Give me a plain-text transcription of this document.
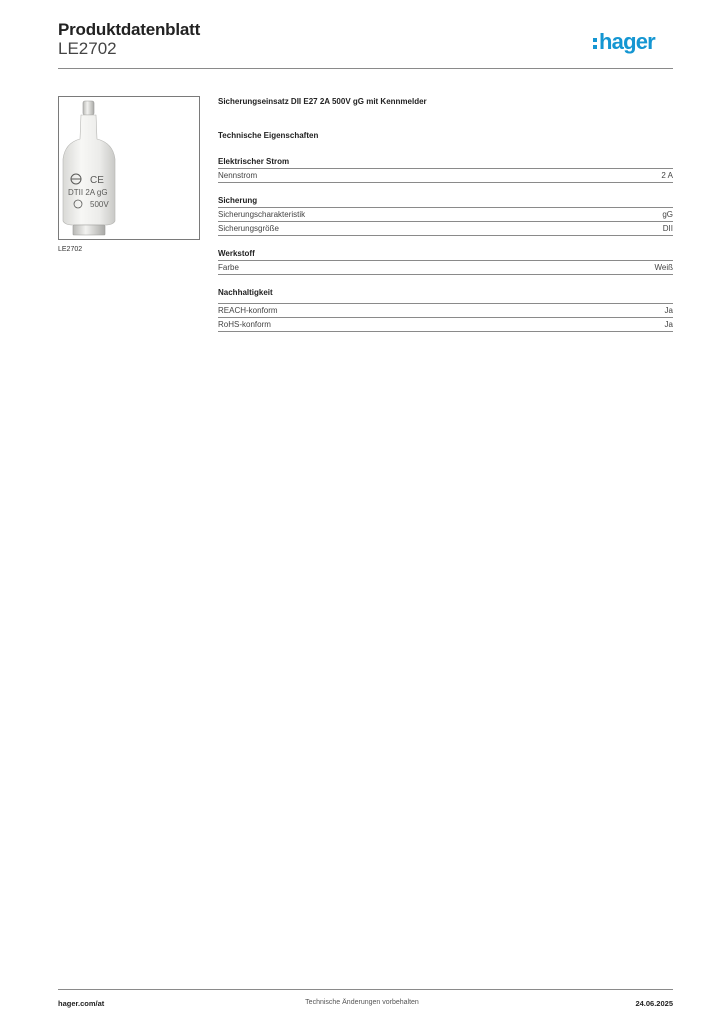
Produktdatenblatt
LE2702	hager
CE
DTII 2A gG
500V
LE2702
Sicherungseinsatz DII E27 2A 500V gG mit Kennmelder
Technische Eigenschaften
Elektrischer Strom
Nennstrom	2 A
Sicherung
Sicherungscharakteristik	gG
Sicherungsgröße	DII
Werkstoff
Farbe	Weiß
Nachhaltigkeit
REACH-konform	Ja
RoHS-konform	Ja
hager.com/at	Technische Änderungen vorbehalten	24.06.2025
